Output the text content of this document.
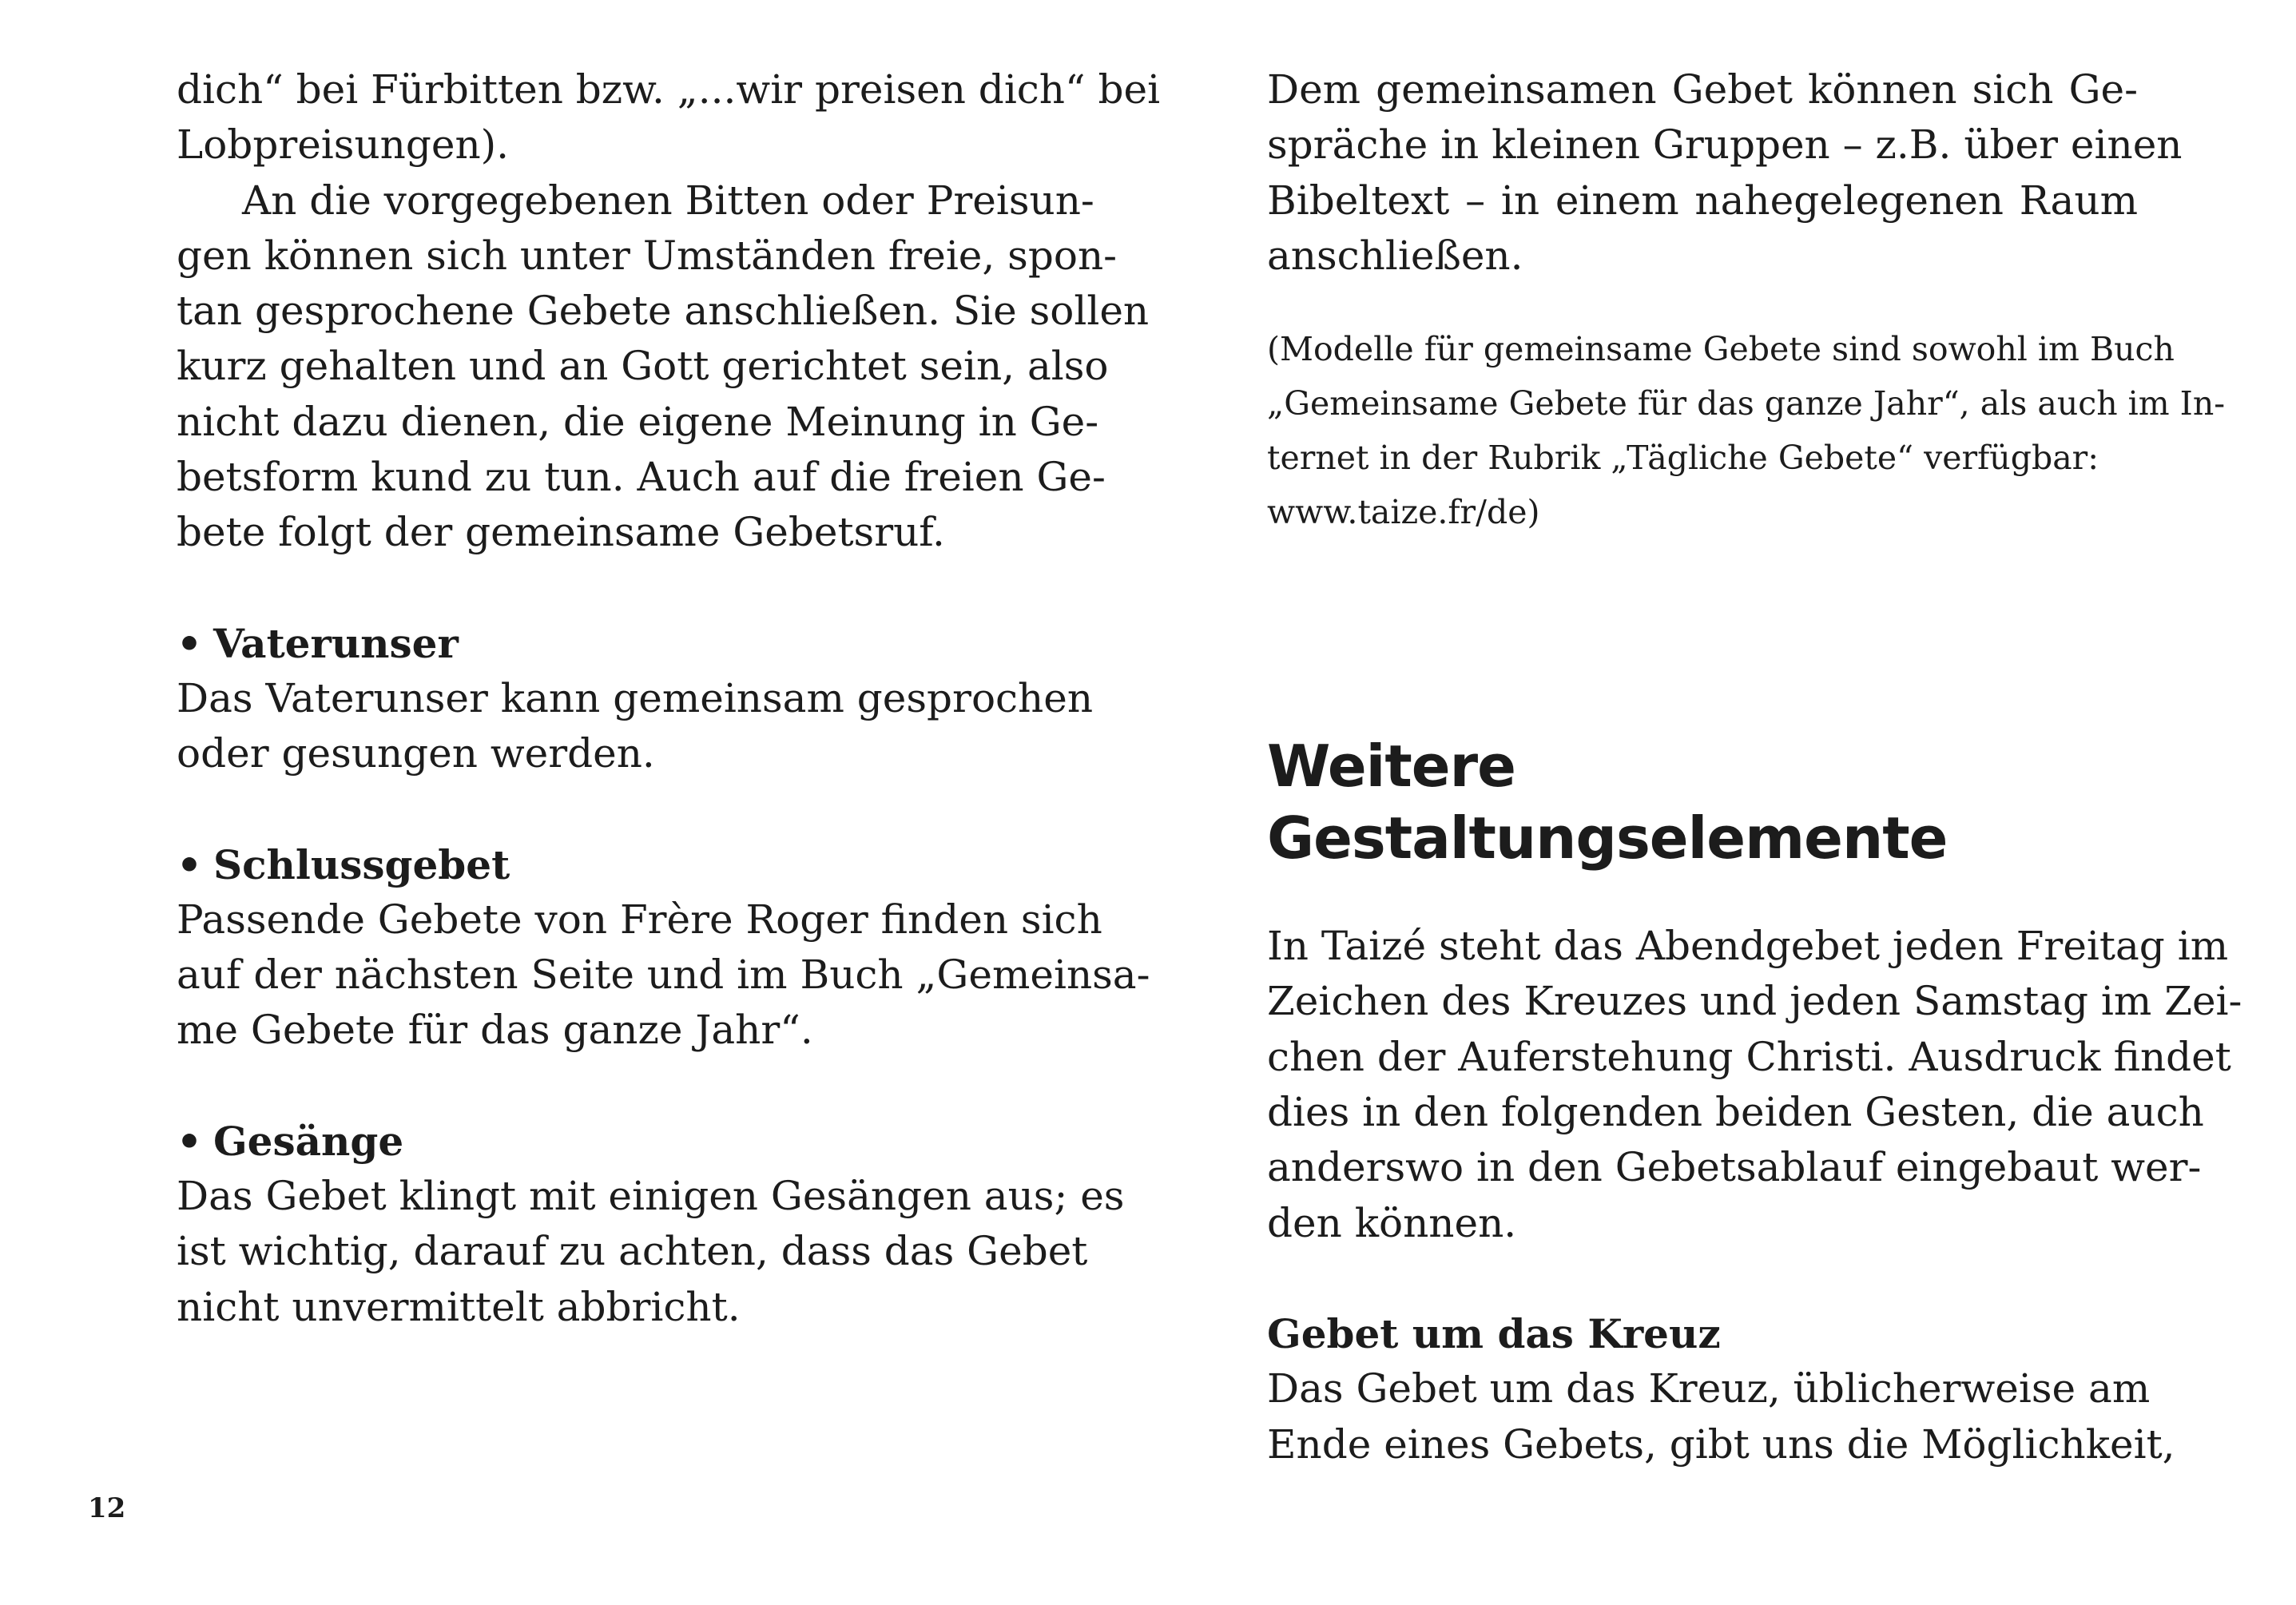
dich“ bei Fürbitten bzw. „...wir preisen dich“ bei
Lobpreisungen).

An die vorgegebenen Bitten oder Preisun-
gen können sich unter Umständen freie, spon-
tan gesprochene Gebete anschließen. Sie sollen
kurz gehalten und an Gott gerichtet sein, also
nicht dazu dienen, die eigene Meinung in Ge-
betsform kund zu tun. Auch auf die freien Ge-
bete folgt der gemeinsame Gebetsruf.

• Vaterunser

Das Vaterunser kann gemeinsam gesprochen
oder gesungen werden.

• Schlussgebet

Passende Gebete von Frère Roger finden sich
auf der nächsten Seite und im Buch „Gemeinsa-
me Gebete für das ganze Jahr“.

• Gesänge

Das Gebet klingt mit einigen Gesängen aus; es
ist wichtig, darauf zu achten, dass das Gebet
nicht unvermittelt abbricht.

Dem gemeinsamen Gebet können sich Ge-
spräche in kleinen Gruppen – z.B. über einen
Bibeltext – in einem nahegelegenen Raum
anschließen.

(Modelle für gemeinsame Gebete sind sowohl im Buch
„Gemeinsame Gebete für das ganze Jahr“, als auch im In-
ternet in der Rubrik „Tägliche Gebete“ verfügbar:
www.taize.fr/de)

Weitere Gestaltungselemente

In Taizé steht das Abendgebet jeden Freitag im
Zeichen des Kreuzes und jeden Samstag im Zei-
chen der Auferstehung Christi. Ausdruck findet
dies in den folgenden beiden Gesten, die auch
anderswo in den Gebetsablauf eingebaut wer-
den können.

Gebet um das Kreuz

Das Gebet um das Kreuz, üblicherweise am
Ende eines Gebets, gibt uns die Möglichkeit,

12
